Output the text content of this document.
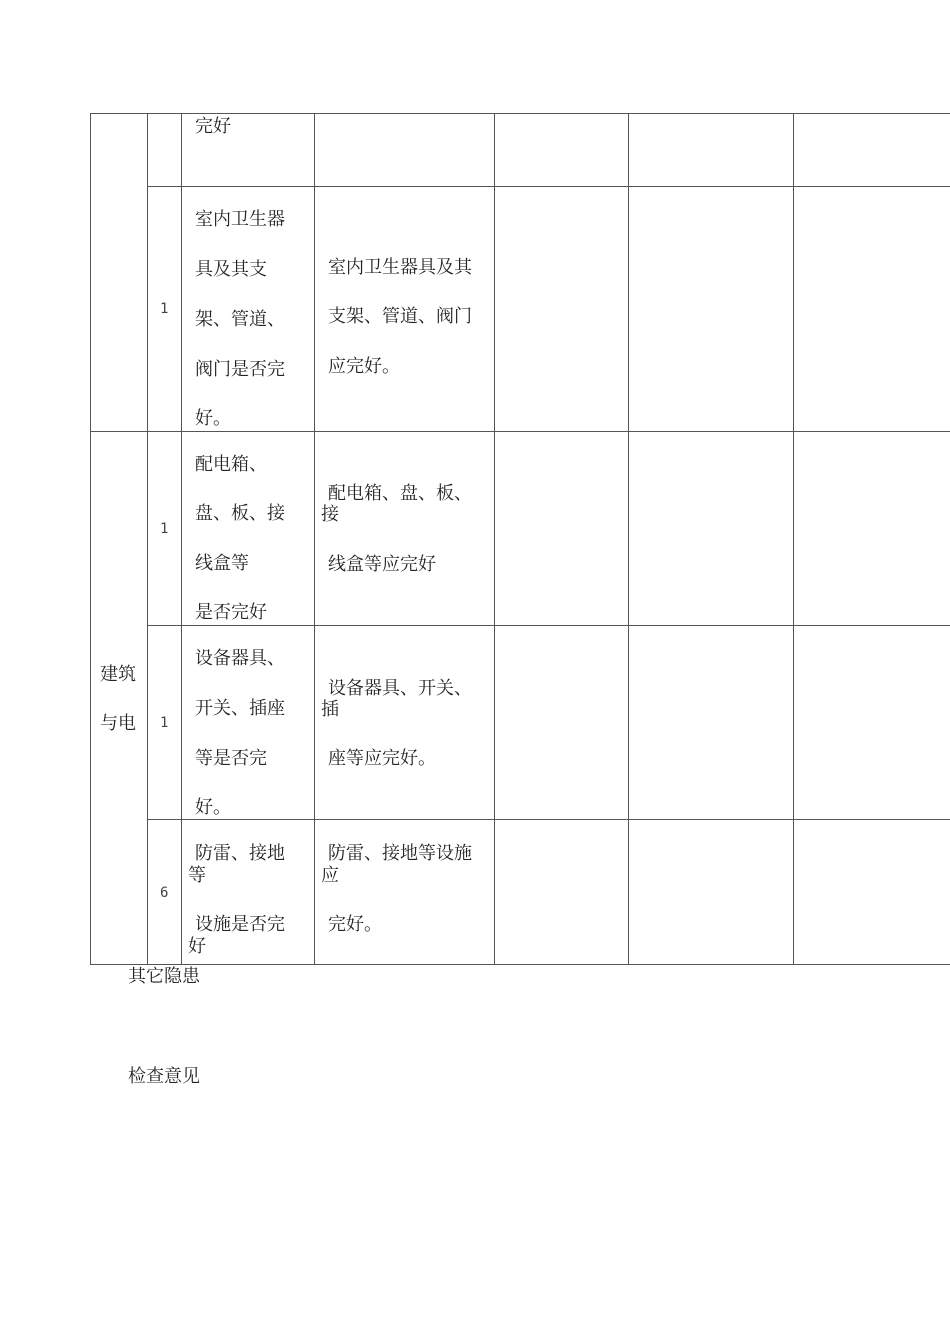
完好
1
室内卫生器
具及其支
架、管道、
阀门是否完
好。
室内卫生器具及其
支架、管道、阀门
应完好。
建筑
与电
1
配电箱、
盘、板、接
线盒等
是否完好
配电箱、盘、板、
接
线盒等应完好
1
设备器具、
开关、插座
等是否完
好。
设备器具、开关、
插
座等应完好。
6
防雷、接地
等
设施是否完
好
防雷、接地等设施
应
完好。
其它隐患
检查意见
